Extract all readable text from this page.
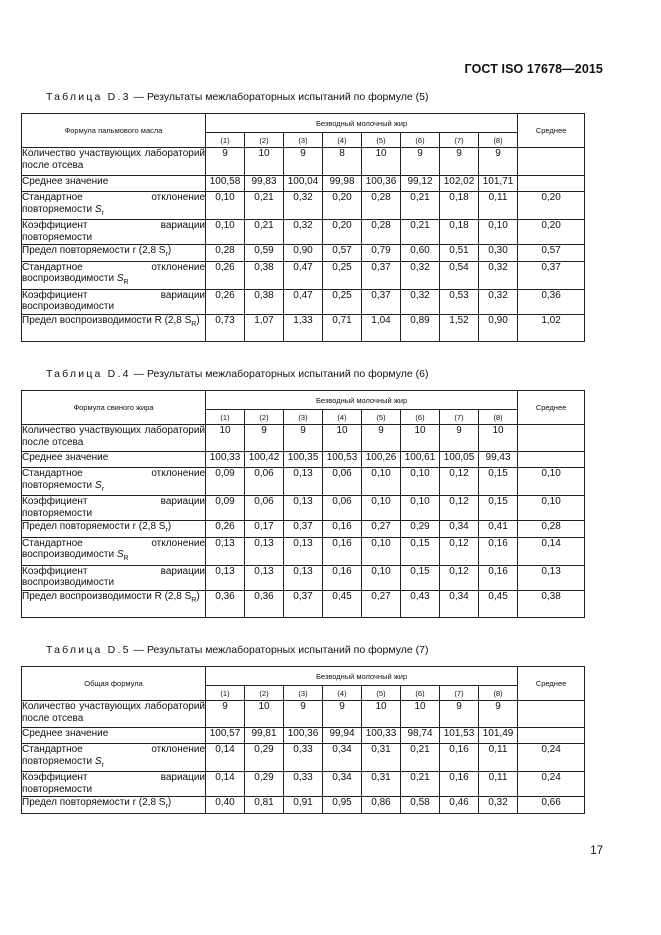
ГОСТ ISO 17678—2015
Таблица D.3 — Результаты межлабораторных испытаний по формуле (5)
Формула пальмового масла	Безводный молочный жир								Среднее
	(1)	(2)	(3)	(4)	(5)	(6)	(7)	(8)	
Количество участвующих лабораторий после отсева	9	10	9	8	10	9	9	9	
Среднее значение	100,58	99,83	100,04	99,98	100,36	99,12	102,02	101,71	
Стандартное отклонение повторяемости $S_r$	0,10	0,21	0,32	0,20	0,28	0,21	0,18	0,11	0,20
Коэффициент вариации повторяемости	0,10	0,21	0,32	0,20	0,28	0,21	0,18	0,10	0,20
Предел повторяемости r (2,8 $S_r$)	0,28	0,59	0,90	0,57	0,79	0,60	0,51	0,30	0,57
Стандартное отклонение воспроизводимости $S_R$	0,26	0,38	0,47	0,25	0,37	0,32	0,54	0,32	0,37
Коэффициент вариации воспроизводимости	0,26	0,38	0,47	0,25	0,37	0,32	0,53	0,32	0,36
Предел воспроизводимости R (2,8 $S_R$)	0,73	1,07	1,33	0,71	1,04	0,89	1,52	0,90	1,02
Таблица D.4 — Результаты межлабораторных испытаний по формуле (6)
Формула свиного жира	Безводный молочный жир								Среднее
	(1)	(2)	(3)	(4)	(5)	(6)	(7)	(8)	
Количество участвующих лабораторий после отсева	10	9	9	10	9	10	9	10	
Среднее значение	100,33	100,42	100,35	100,53	100,26	100,61	100,05	99,43	
Стандартное отклонение повторяемости $S_r$	0,09	0,06	0,13	0,06	0,10	0,10	0,12	0,15	0,10
Коэффициент вариации повторяемости	0,09	0,06	0,13	0,06	0,10	0,10	0,12	0,15	0,10
Предел повторяемости r (2,8 $S_r$)	0,26	0,17	0,37	0,16	0,27	0,29	0,34	0,41	0,28
Стандартное отклонение воспроизводимости $S_R$	0,13	0,13	0,13	0,16	0,10	0,15	0,12	0,16	0,14
Коэффициент вариации воспроизводимости	0,13	0,13	0,13	0,16	0,10	0,15	0,12	0,16	0,13
Предел воспроизводимости R (2,8 $S_R$)	0,36	0,36	0,37	0,45	0,27	0,43	0,34	0,45	0,38
Таблица D.5 — Результаты межлабораторных испытаний по формуле (7)
Общая формула	Безводный молочный жир								Среднее
	(1)	(2)	(3)	(4)	(5)	(6)	(7)	(8)	
Количество участвующих лабораторий после отсева	9	10	9	9	10	10	9	9	
Среднее значение	100,57	99,81	100,36	99,94	100,33	98,74	101,53	101,49	
Стандартное отклонение повторяемости $S_r$	0,14	0,29	0,33	0,34	0,31	0,21	0,16	0,11	0,24
Коэффициент вариации повторяемости	0,14	0,29	0,33	0,34	0,31	0,21	0,16	0,11	0,24
Предел повторяемости r (2,8 $S_r$)	0,40	0,81	0,91	0,95	0,86	0,58	0,46	0,32	0,66
17
